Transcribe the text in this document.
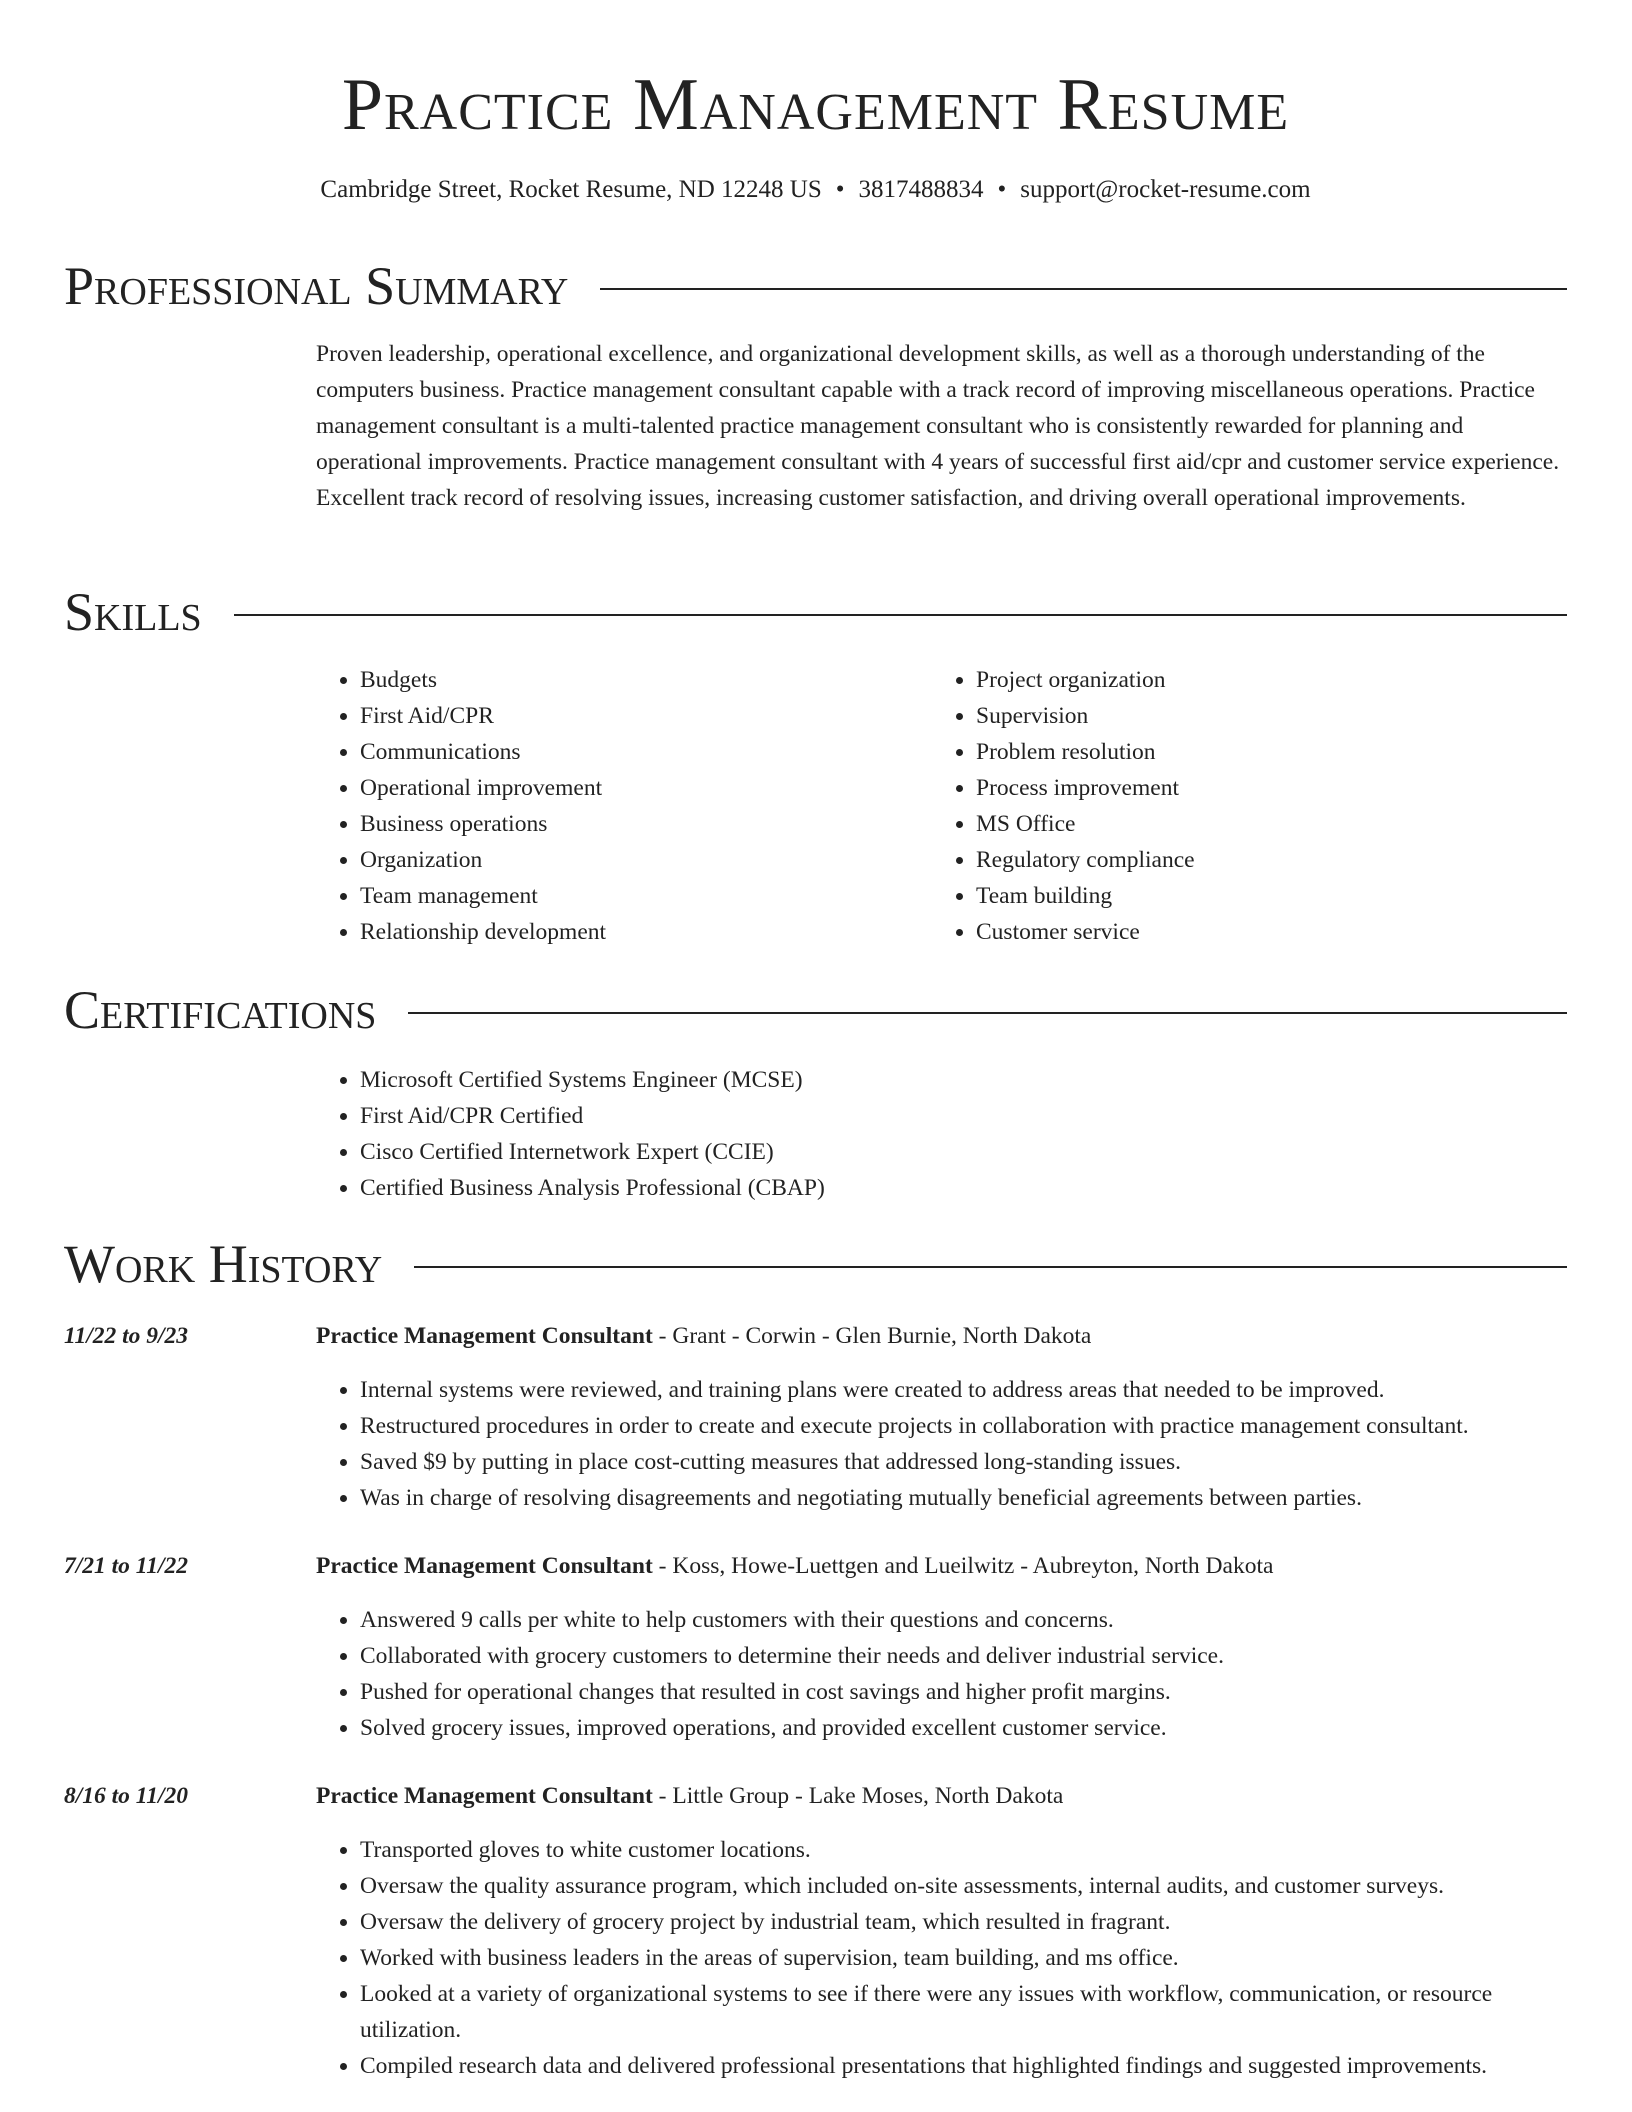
Practice Management Resume
Cambridge Street, Rocket Resume, ND 12248 US • 3817488834 • support@rocket-resume.com
Professional Summary

Proven leadership, operational excellence, and organizational development skills, as well as a thorough understanding of the computers business. Practice management consultant capable with a track record of improving miscellaneous operations. Practice management consultant is a multi-talented practice management consultant who is consistently rewarded for planning and operational improvements. Practice management consultant with 4 years of successful first aid/cpr and customer service experience. Excellent track record of resolving issues, increasing customer satisfaction, and driving overall operational improvements.

Skills
• Budgets
• First Aid/CPR
• Communications
• Operational improvement
• Business operations
• Organization
• Team management
• Relationship development
• Project organization
• Supervision
• Problem resolution
• Process improvement
• MS Office
• Regulatory compliance
• Team building
• Customer service
Certifications
• Microsoft Certified Systems Engineer (MCSE)
• First Aid/CPR Certified
• Cisco Certified Internetwork Expert (CCIE)
• Certified Business Analysis Professional (CBAP)
Work History
11/22 to 9/23	Practice Management Consultant - Grant - Corwin - Glen Burnie, North Dakota
• Internal systems were reviewed, and training plans were created to address areas that needed to be improved.
• Restructured procedures in order to create and execute projects in collaboration with practice management consultant.
• Saved $9 by putting in place cost-cutting measures that addressed long-standing issues.
• Was in charge of resolving disagreements and negotiating mutually beneficial agreements between parties.
7/21 to 11/22	Practice Management Consultant - Koss, Howe-Luettgen and Lueilwitz - Aubreyton, North Dakota
• Answered 9 calls per white to help customers with their questions and concerns.
• Collaborated with grocery customers to determine their needs and deliver industrial service.
• Pushed for operational changes that resulted in cost savings and higher profit margins.
• Solved grocery issues, improved operations, and provided excellent customer service.
8/16 to 11/20	Practice Management Consultant - Little Group - Lake Moses, North Dakota
• Transported gloves to white customer locations.
• Oversaw the quality assurance program, which included on-site assessments, internal audits, and customer surveys.
• Oversaw the delivery of grocery project by industrial team, which resulted in fragrant.
• Worked with business leaders in the areas of supervision, team building, and ms office.
• Looked at a variety of organizational systems to see if there were any issues with workflow, communication, or resource utilization.
• Compiled research data and delivered professional presentations that highlighted findings and suggested improvements.
